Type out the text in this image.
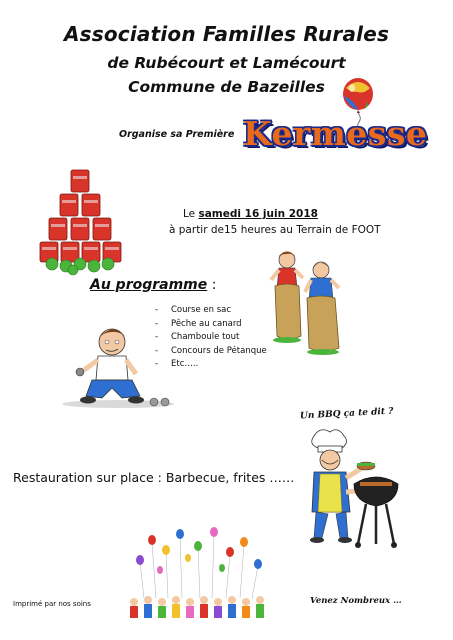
Association Familles Rurales
de Rubécourt et Lamécourt
Commune de Bazeilles
Organise sa Première Kermesse
Le samedi 16 juin 2018
à partir de15 heures au Terrain de FOOT
Au programme :
- Course en sac
- Pêche au canard
- Chamboule tout
- Concours de Pétanque
- Etc…..
Un BBQ ça te dit ?
Restauration sur place : Barbecue, frites ……
Imprimé par nos soins	Venez Nombreux …
